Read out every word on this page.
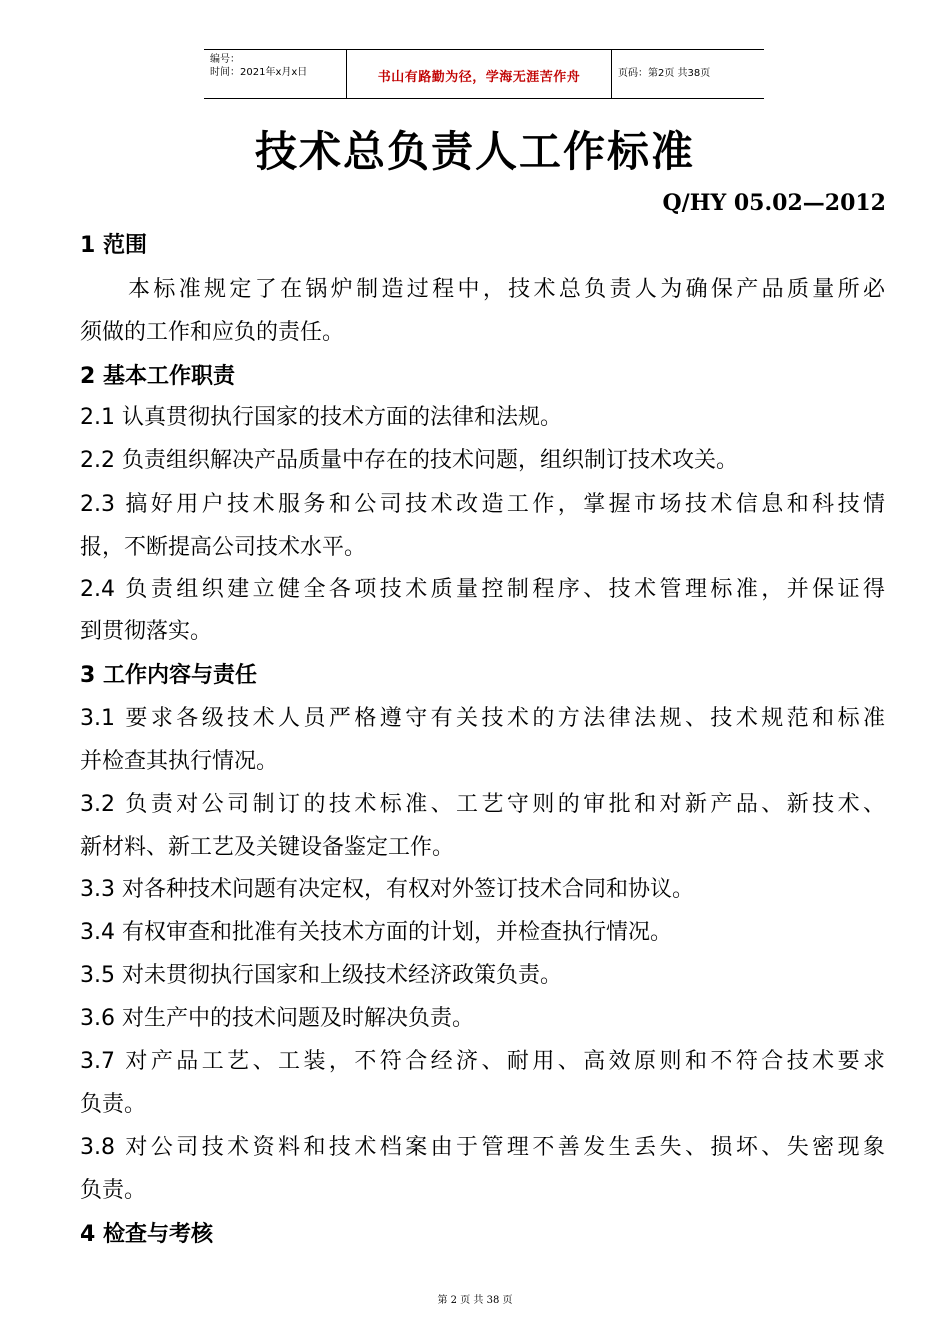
编号：
时间：2021年x月x日	书山有路勤为径，学海无涯苦作舟	页码：第2页 共38页
技术总负责人工作标准
Q/HY 05.02—2012
1 范围
本标准规定了在锅炉制造过程中，技术总负责人为确保产品质量所必
须做的工作和应负的责任。
2 基本工作职责
2.1 认真贯彻执行国家的技术方面的法律和法规。
2.2 负责组织解决产品质量中存在的技术问题，组织制订技术攻关。
2.3 搞好用户技术服务和公司技术改造工作，掌握市场技术信息和科技情
报，不断提高公司技术水平。
2.4 负责组织建立健全各项技术质量控制程序、技术管理标准，并保证得
到贯彻落实。
3 工作内容与责任
3.1 要求各级技术人员严格遵守有关技术的方法律法规、技术规范和标准
并检查其执行情况。
3.2 负责对公司制订的技术标准、工艺守则的审批和对新产品、新技术、
新材料、新工艺及关键设备鉴定工作。
3.3 对各种技术问题有决定权，有权对外签订技术合同和协议。
3.4 有权审查和批准有关技术方面的计划，并检查执行情况。
3.5 对未贯彻执行国家和上级技术经济政策负责。
3.6 对生产中的技术问题及时解决负责。
3.7 对产品工艺、工装，不符合经济、耐用、高效原则和不符合技术要求
负责。
3.8 对公司技术资料和技术档案由于管理不善发生丢失、损坏、失密现象
负责。
4 检查与考核
第 2 页 共 38 页
